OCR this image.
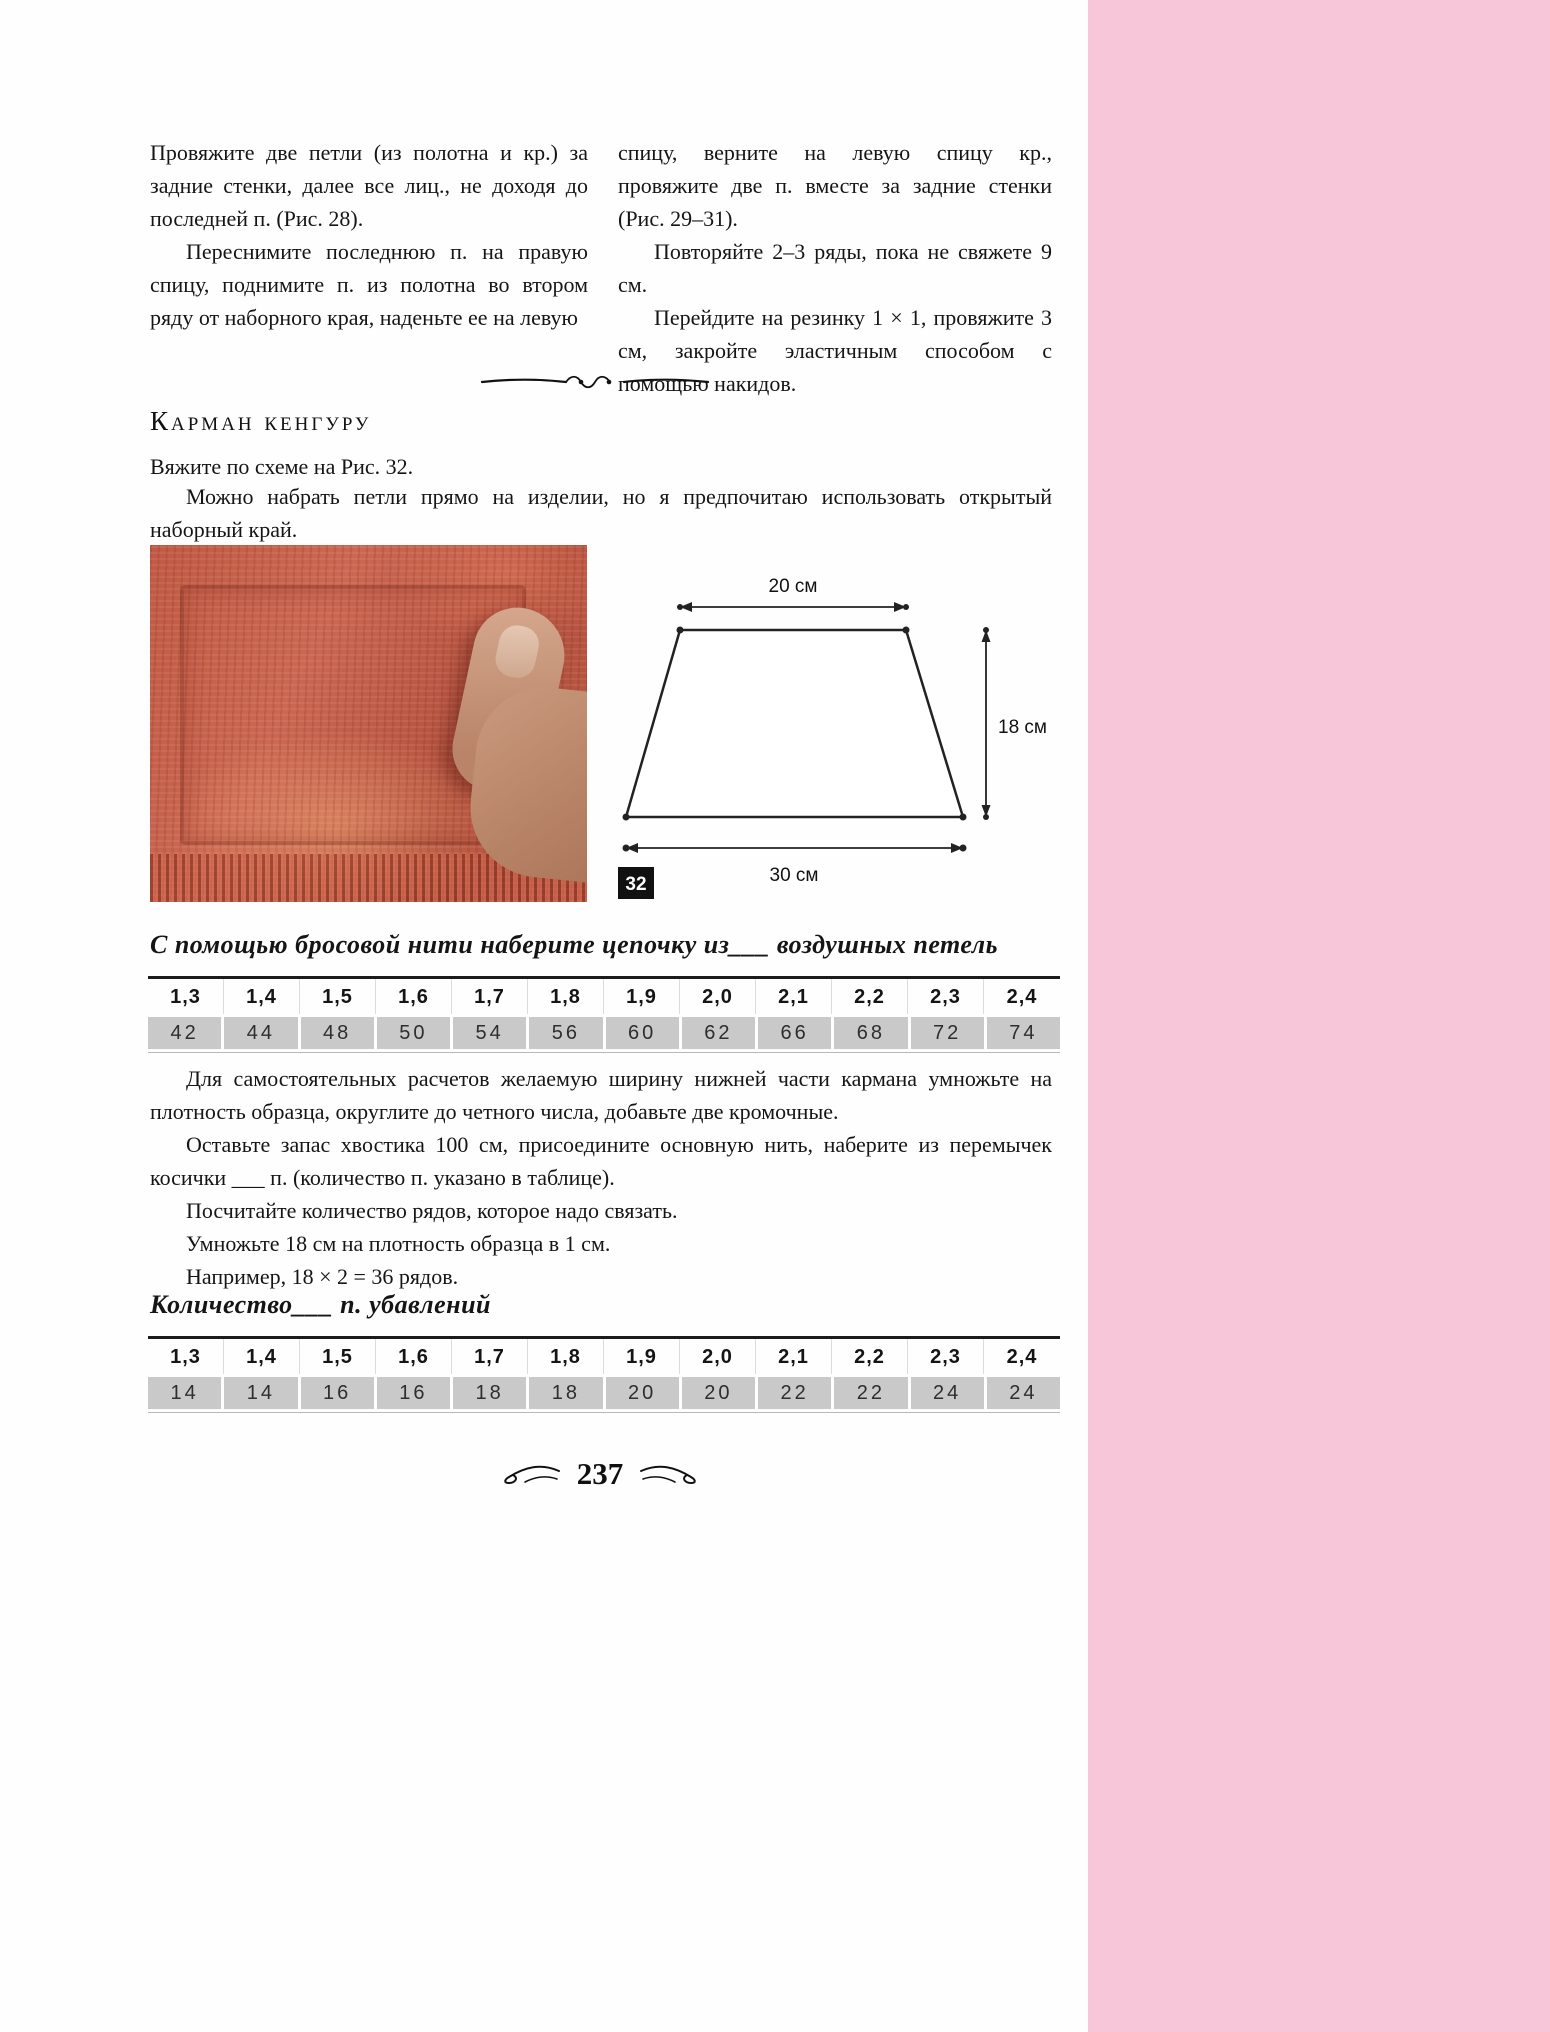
Провяжите две петли (из полотна и кр.) за задние стенки, далее все лиц., не доходя до последней п. (Рис. 28).

Переснимите последнюю п. на правую спицу, поднимите п. из полотна во втором ряду от наборного края, наденьте ее на левую

спицу, верните на левую спицу кр., провяжите две п. вместе за задние стенки (Рис. 29–31).

Повторяйте 2–3 ряды, пока не свяжете 9 см.

Перейдите на резинку 1 × 1, провяжите 3 см, закройте эластичным способом с помощью накидов.

Карман кенгуру
Вяжите по схеме на Рис. 32.

Можно набрать петли прямо на изделии, но я предпочитаю использовать открытый наборный край.

20 см
18 см
30 см
32
С помощью бросовой нити наберите цепочку из___ воздушных петель
1,3	1,4	1,5	1,6	1,7	1,8	1,9	2,0	2,1	2,2	2,3	2,4
42	44	48	50	54	56	60	62	66	68	72	74

Для самостоятельных расчетов желаемую ширину нижней части кармана умножьте на плотность образца, округлите до четного числа, добавьте две кромочные.

Оставьте запас хвостика 100 см, присоедините основную нить, наберите из перемычек косички ___ п. (количество п. указано в таблице).

Посчитайте количество рядов, которое надо связать.

Умножьте 18 см на плотность образца в 1 см.

Например, 18 × 2 = 36 рядов.

Количество___ п. убавлений
1,3	1,4	1,5	1,6	1,7	1,8	1,9	2,0	2,1	2,2	2,3	2,4
14	14	16	16	18	18	20	20	22	22	24	24
237
